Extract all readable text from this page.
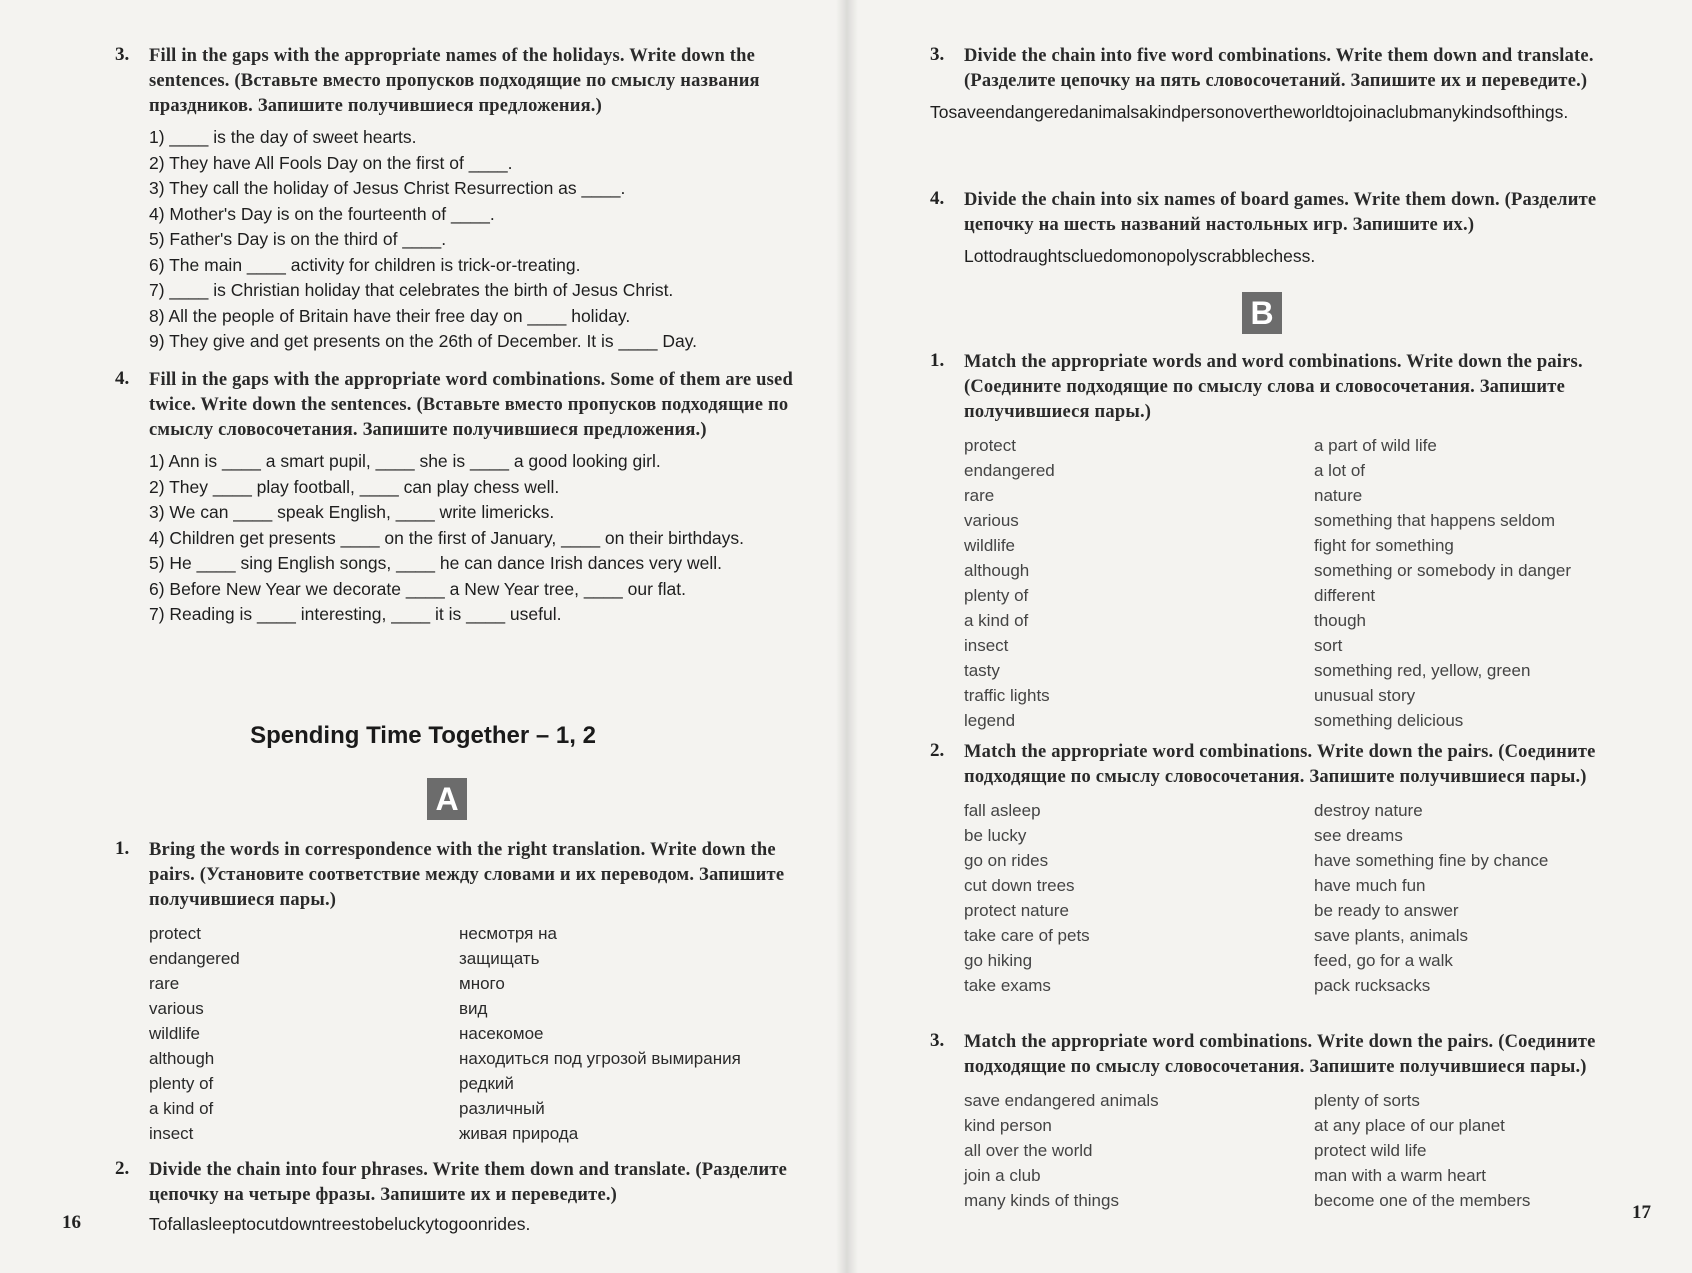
3. Fill in the gaps with the appropriate names of the holidays. Write down the sentences. (Вставьте вместо пропусков подходящие по смыслу названия праздников. Запишите получившиеся предложения.)
1) ____ is the day of sweet hearts.
2) They have All Fools Day on the first of ____.
3) They call the holiday of Jesus Christ Resurrection as ____.
4) Mother's Day is on the fourteenth of ____.
5) Father's Day is on the third of ____.
6) The main ____ activity for children is trick-or-treating.
7) ____ is Christian holiday that celebrates the birth of Jesus Christ.
8) All the people of Britain have their free day on ____ holiday.
9) They give and get presents on the 26th of December. It is ____ Day.
4. Fill in the gaps with the appropriate word combinations. Some of them are used twice. Write down the sentences. (Вставьте вместо пропусков подходящие по смыслу словосочетания. Запишите получившиеся предложения.)
1) Ann is ____ a smart pupil, ____ she is ____ a good looking girl.
2) They ____ play football, ____ can play chess well.
3) We can ____ speak English, ____ write limericks.
4) Children get presents ____ on the first of January, ____ on their birthdays.
5) He ____ sing English songs, ____ he can dance Irish dances very well.
6) Before New Year we decorate ____ a New Year tree, ____ our flat.
7) Reading is ____ interesting, ____ it is ____ useful.
Spending Time Together – 1, 2
A
1. Bring the words in correspondence with the right translation. Write down the pairs. (Установите соответствие между словами и их переводом. Запишите получившиеся пары.)
protect	несмотря на
endangered	защищать
rare	много
various	вид
wildlife	насекомое
although	находиться под угрозой вымирания
plenty of	редкий
a kind of	различный
insect	живая природа
2. Divide the chain into four phrases. Write them down and translate. (Разделите цепочку на четыре фразы. Запишите их и переведите.)
Tofallasleeptocutdowntreestobeluckytogoonrides.
16
3. Divide the chain into five word combinations. Write them down and translate. (Разделите цепочку на пять словосочетаний. Запишите их и переведите.)
Tosaveendangeredanimalsakindpersonovertheworldtojoinaclubmanykindsofthings.
4. Divide the chain into six names of board games. Write them down. (Разделите цепочку на шесть названий настольных игр. Запишите их.)
Lottodraughtscluedomonopolyscrabblechess.
B
1. Match the appropriate words and word combinations. Write down the pairs. (Соедините подходящие по смыслу слова и словосочетания. Запишите получившиеся пары.)
protect	a part of wild life
endangered	a lot of
rare	nature
various	something that happens seldom
wildlife	fight for something
although	something or somebody in danger
plenty of	different
a kind of	though
insect	sort
tasty	something red, yellow, green
traffic lights	unusual story
legend	something delicious
2. Match the appropriate word combinations. Write down the pairs. (Соедините подходящие по смыслу словосочетания. Запишите получившиеся пары.)
fall asleep	destroy nature
be lucky	see dreams
go on rides	have something fine by chance
cut down trees	have much fun
protect nature	be ready to answer
take care of pets	save plants, animals
go hiking	feed, go for a walk
take exams	pack rucksacks
3. Match the appropriate word combinations. Write down the pairs. (Соедините подходящие по смыслу словосочетания. Запишите получившиеся пары.)
save endangered animals	plenty of sorts
kind person	at any place of our planet
all over the world	protect wild life
join a club	man with a warm heart
many kinds of things	become one of the members
17
